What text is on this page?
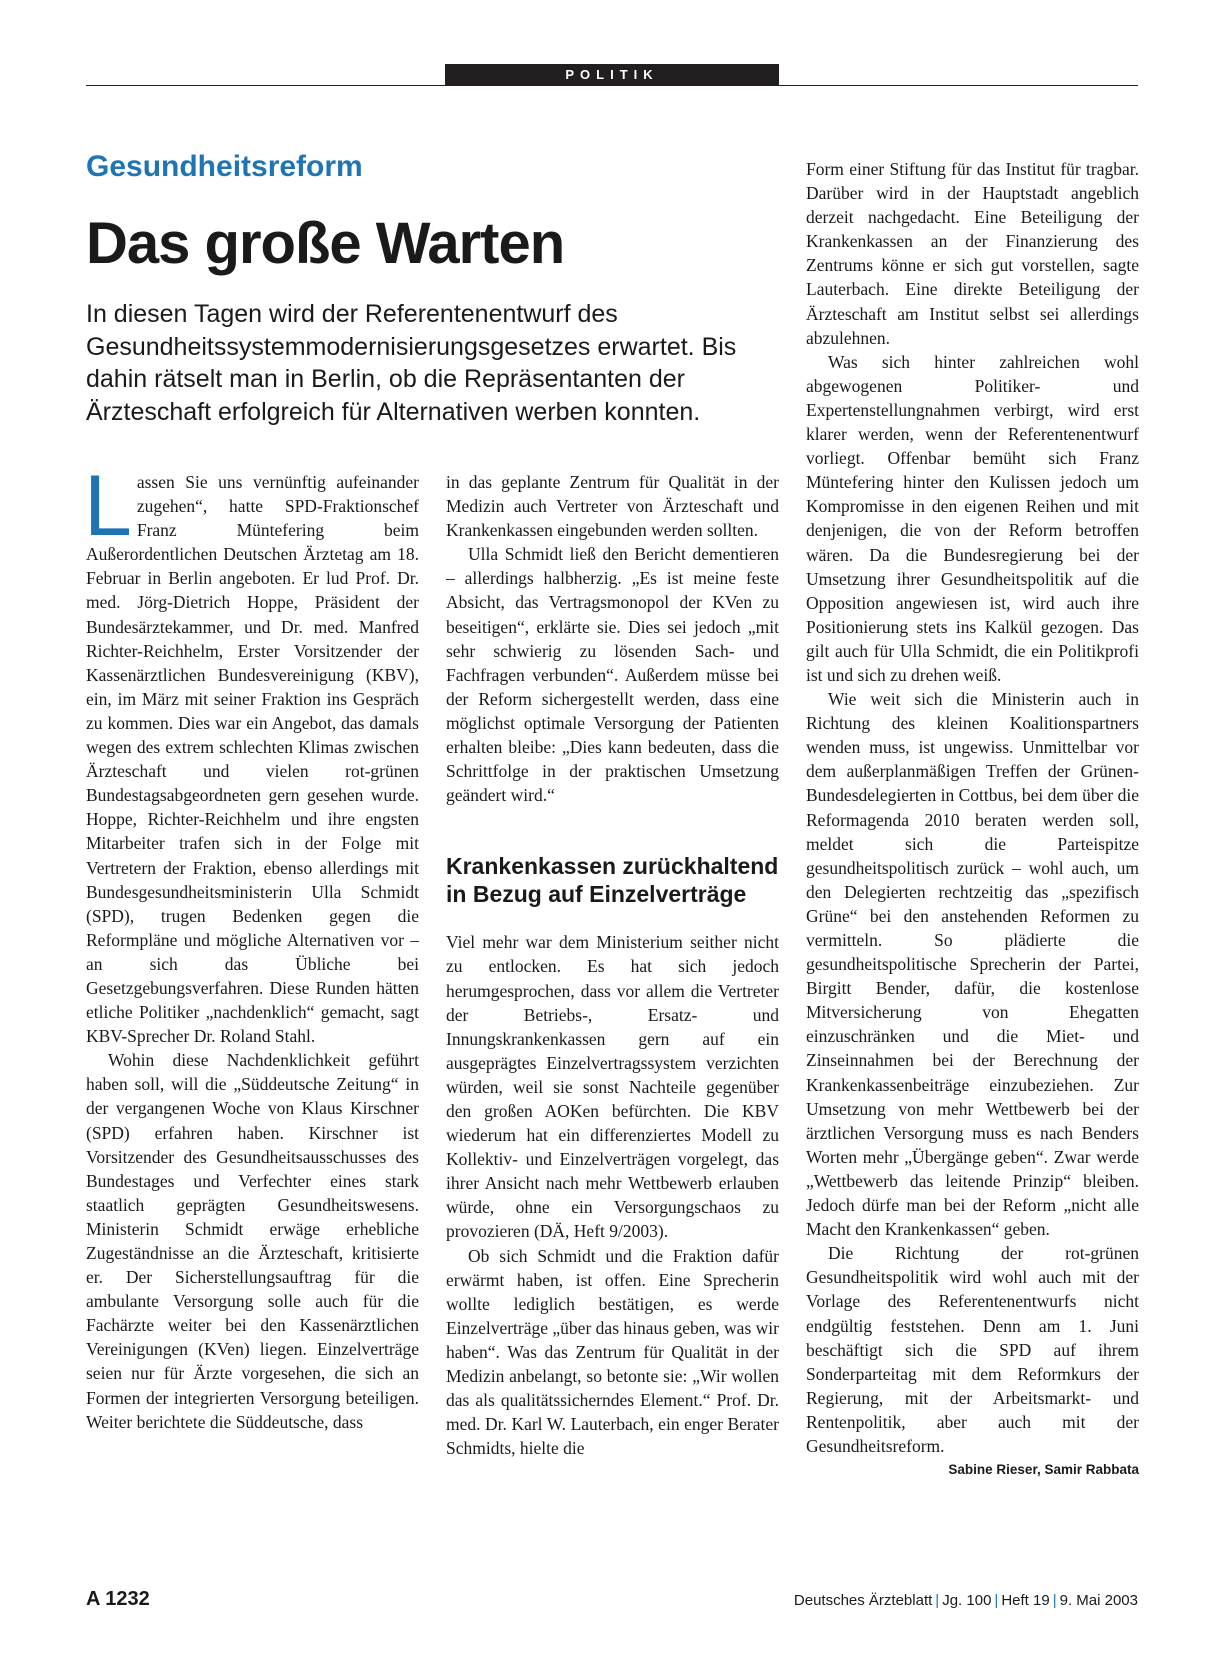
POLITIK
Gesundheitsreform
Das große Warten

In diesen Tagen wird der Referentenentwurf des Gesundheitssystemmodernisierungsgesetzes erwartet. Bis dahin rätselt man in Berlin, ob die Repräsentanten der Ärzteschaft erfolgreich für Alternativen werben konnten.

Lassen Sie uns vernünftig aufeinander zugehen“, hatte SPD-Fraktionschef Franz Müntefering beim Außerordentlichen Deutschen Ärztetag am 18. Februar in Berlin angeboten. Er lud Prof. Dr. med. Jörg-Dietrich Hoppe, Präsident der Bundesärztekammer, und Dr. med. Manfred Richter-Reichhelm, Erster Vorsitzender der Kassenärztlichen Bundesvereinigung (KBV), ein, im März mit seiner Fraktion ins Gespräch zu kommen. Dies war ein Angebot, das damals wegen des extrem schlechten Klimas zwischen Ärzteschaft und vielen rot-grünen Bundestagsabgeordneten gern gesehen wurde. Hoppe, Richter-Reichhelm und ihre engsten Mitarbeiter trafen sich in der Folge mit Vertretern der Fraktion, ebenso allerdings mit Bundesgesundheitsministerin Ulla Schmidt (SPD), trugen Bedenken gegen die Reformpläne und mögliche Alternativen vor – an sich das Übliche bei Gesetzgebungsverfahren. Diese Runden hätten etliche Politiker „nachdenklich“ gemacht, sagt KBV-Sprecher Dr. Roland Stahl.

Wohin diese Nachdenklichkeit geführt haben soll, will die „Süddeutsche Zeitung“ in der vergangenen Woche von Klaus Kirschner (SPD) erfahren haben. Kirschner ist Vorsitzender des Gesundheitsausschusses des Bundestages und Verfechter eines stark staatlich geprägten Gesundheitswesens. Ministerin Schmidt erwäge erhebliche Zugeständnisse an die Ärzteschaft, kritisierte er. Der Sicherstellungsauftrag für die ambulante Versorgung solle auch für die Fachärzte weiter bei den Kassenärztlichen Vereinigungen (KVen) liegen. Einzelverträge seien nur für Ärzte vorgesehen, die sich an Formen der integrierten Versorgung beteiligen. Weiter berichtete die Süddeutsche, dass

in das geplante Zentrum für Qualität in der Medizin auch Vertreter von Ärzteschaft und Krankenkassen eingebunden werden sollten.

Ulla Schmidt ließ den Bericht dementieren – allerdings halbherzig. „Es ist meine feste Absicht, das Vertragsmonopol der KVen zu beseitigen“, erklärte sie. Dies sei jedoch „mit sehr schwierig zu lösenden Sach- und Fachfragen verbunden“. Außerdem müsse bei der Reform sichergestellt werden, dass eine möglichst optimale Versorgung der Patienten erhalten bleibe: „Dies kann bedeuten, dass die Schrittfolge in der praktischen Umsetzung geändert wird.“

Krankenkassen zurückhaltend in Bezug auf Einzelverträge

Viel mehr war dem Ministerium seither nicht zu entlocken. Es hat sich jedoch herumgesprochen, dass vor allem die Vertreter der Betriebs-, Ersatz- und Innungskrankenkassen gern auf ein ausgeprägtes Einzelvertragssystem verzichten würden, weil sie sonst Nachteile gegenüber den großen AOKen befürchten. Die KBV wiederum hat ein differenziertes Modell zu Kollektiv- und Einzelverträgen vorgelegt, das ihrer Ansicht nach mehr Wettbewerb erlauben würde, ohne ein Versorgungschaos zu provozieren (DÄ, Heft 9/2003).

Ob sich Schmidt und die Fraktion dafür erwärmt haben, ist offen. Eine Sprecherin wollte lediglich bestätigen, es werde Einzelverträge „über das hinaus geben, was wir haben“. Was das Zentrum für Qualität in der Medizin anbelangt, so betonte sie: „Wir wollen das als qualitätssicherndes Element.“ Prof. Dr. med. Dr. Karl W. Lauterbach, ein enger Berater Schmidts, hielte die

Form einer Stiftung für das Institut für tragbar. Darüber wird in der Hauptstadt angeblich derzeit nachgedacht. Eine Beteiligung der Krankenkassen an der Finanzierung des Zentrums könne er sich gut vorstellen, sagte Lauterbach. Eine direkte Beteiligung der Ärzteschaft am Institut selbst sei allerdings abzulehnen.

Was sich hinter zahlreichen wohl abgewogenen Politiker- und Expertenstellungnahmen verbirgt, wird erst klarer werden, wenn der Referentenentwurf vorliegt. Offenbar bemüht sich Franz Müntefering hinter den Kulissen jedoch um Kompromisse in den eigenen Reihen und mit denjenigen, die von der Reform betroffen wären. Da die Bundesregierung bei der Umsetzung ihrer Gesundheitspolitik auf die Opposition angewiesen ist, wird auch ihre Positionierung stets ins Kalkül gezogen. Das gilt auch für Ulla Schmidt, die ein Politikprofi ist und sich zu drehen weiß.

Wie weit sich die Ministerin auch in Richtung des kleinen Koalitionspartners wenden muss, ist ungewiss. Unmittelbar vor dem außerplanmäßigen Treffen der Grünen-Bundesdelegierten in Cottbus, bei dem über die Reformagenda 2010 beraten werden soll, meldet sich die Parteispitze gesundheitspolitisch zurück – wohl auch, um den Delegierten rechtzeitig das „spezifisch Grüne“ bei den anstehenden Reformen zu vermitteln. So plädierte die gesundheitspolitische Sprecherin der Partei, Birgitt Bender, dafür, die kostenlose Mitversicherung von Ehegatten einzuschränken und die Miet- und Zinseinnahmen bei der Berechnung der Krankenkassenbeiträge einzubeziehen. Zur Umsetzung von mehr Wettbewerb bei der ärztlichen Versorgung muss es nach Benders Worten mehr „Übergänge geben“. Zwar werde „Wettbewerb das leitende Prinzip“ bleiben. Jedoch dürfe man bei der Reform „nicht alle Macht den Krankenkassen“ geben.

Die Richtung der rot-grünen Gesundheitspolitik wird wohl auch mit der Vorlage des Referentenentwurfs nicht endgültig feststehen. Denn am 1. Juni beschäftigt sich die SPD auf ihrem Sonderparteitag mit dem Reformkurs der Regierung, mit der Arbeitsmarkt- und Rentenpolitik, aber auch mit der Gesundheitsreform.
Sabine Rieser, Samir Rabbata

A 1232	Deutsches Ärzteblatt | Jg. 100 | Heft 19 | 9. Mai 2003
